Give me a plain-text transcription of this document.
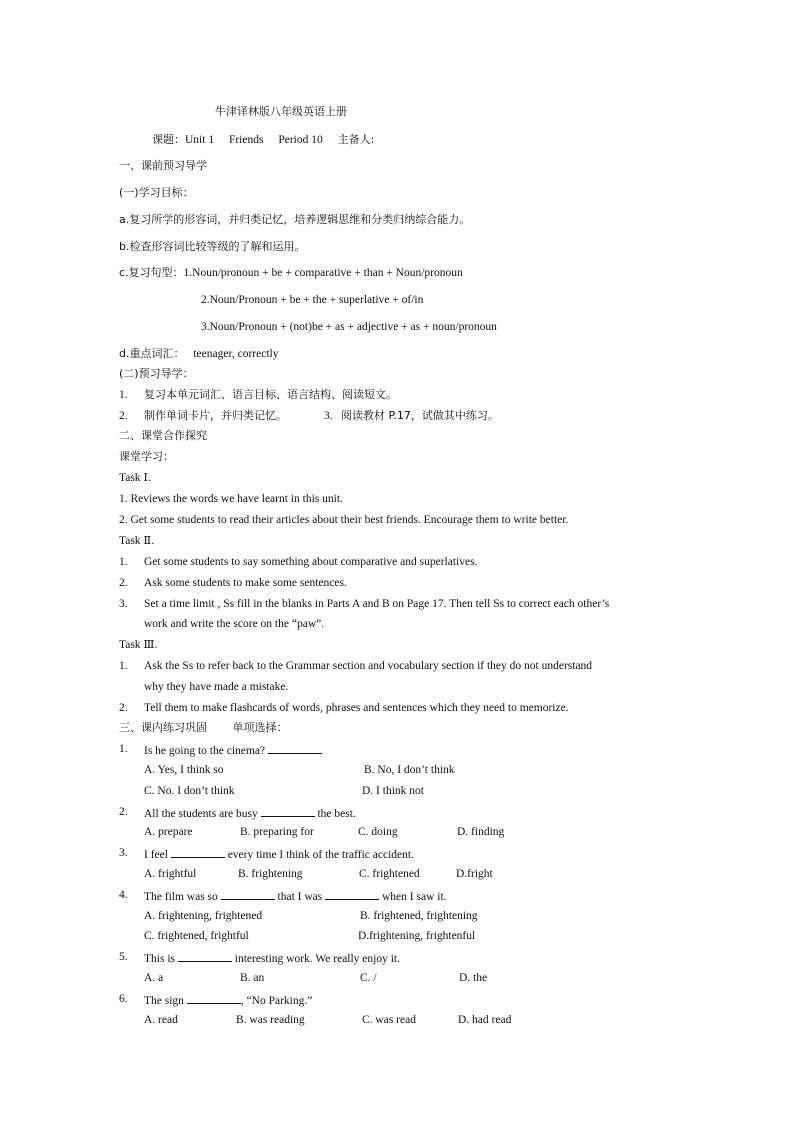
牛津译林版八年级英语上册
课题：Unit 1 Friends Period 10 主备人:
一、课前预习导学
(一)学习目标：
a.复习所学的形容词，并归类记忆，培养逻辑思维和分类归纳综合能力。
b.检查形容词比较等级的了解和运用。
c.复习句型：1.Noun/pronoun + be + comparative + than + Noun/pronoun
2.Noun/Pronoun + be + the + superlative + of/in
3.Noun/Pronoun + (not)be + as + adjective + as + noun/pronoun
d.重点词汇： teenager, correctly
(二)预习导学：
1.	复习本单元词汇、语言目标、语言结构、阅读短文。
2.	制作单词卡片，并归类记忆。	3. 阅读教材 P.17，试做其中练习。
二、课堂合作探究
课堂学习：
Task Ⅰ.
1. Reviews the words we have learnt in this unit.
2. Get some students to read their articles about their best friends. Encourage them to write better.
Task Ⅱ.
1.	Get some students to say something about comparative and superlatives.
2.	Ask some students to make some sentences.
3.	Set a time limit , Ss fill in the blanks in Parts A and B on Page 17. Then tell Ss to correct each other’s
work and write the score on the “paw”.
Task Ⅲ.
1.	Ask the Ss to refer back to the Grammar section and vocabulary section if they do not understand
why they have made a mistake.
2.	Tell them to make flashcards of words, phrases and sentences which they need to memorize.
三、课内练习巩固 单项选择：
1.	Is he going to the cinema?
A. Yes, I think so	B. No, I don’t think
C. No. I don’t think	D. I think not
2.	All the students are busy	the best.
A. prepare	B. preparing for	C. doing	D. finding
3.	I feel	every time I think of the traffic accident.
A. frightful	B. frightening	C. frightened	D.fright
4.	The film was so	that I was	when I saw it.
A. frightening, frightened	B. frightened, frightening
C. frightened, frightful	D.frightening, frightenful
5.	This is	interesting work. We really enjoy it.
A. a	B. an	C. /	D. the
6.	The sign	, “No Parking.”
A. read	B. was reading	C. was read	D. had read
